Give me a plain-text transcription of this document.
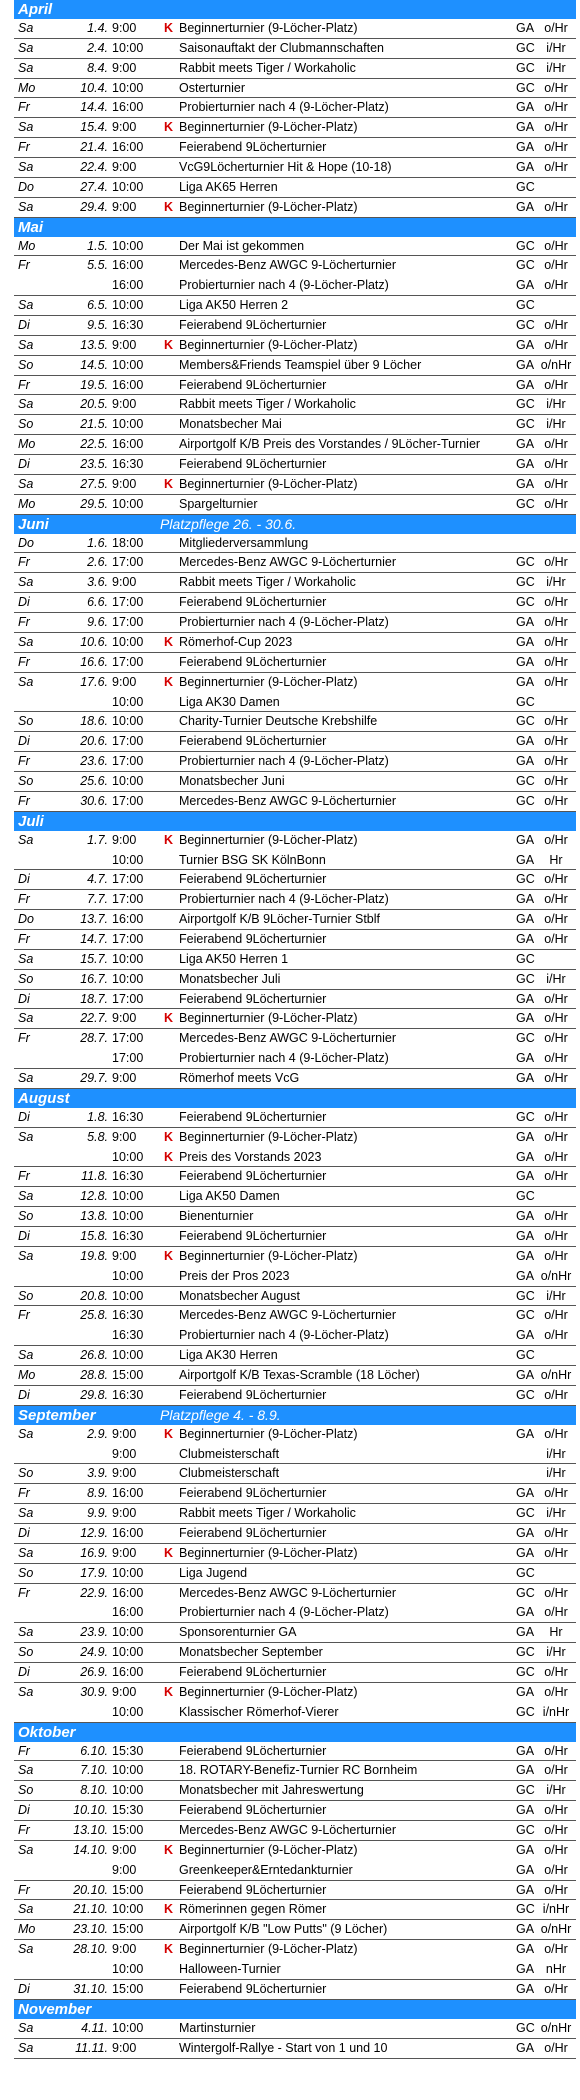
April
Sa	1.4. 9:00 K Beginnerturnier (9-Löcher-Platz)	GA o/Hr
Sa	2.4. 10:00	Saisonauftakt der Clubmannschaften	GC i/Hr
Sa	8.4. 9:00	Rabbit meets Tiger / Workaholic	GC i/Hr
Mo	10.4. 10:00	Osterturnier	GC o/Hr
Fr	14.4. 16:00	Probierturnier nach 4 (9-Löcher-Platz)	GA o/Hr
Sa	15.4. 9:00 K Beginnerturnier (9-Löcher-Platz)	GA o/Hr
Fr	21.4. 16:00	Feierabend 9Löcherturnier	GA o/Hr
Sa	22.4. 9:00	VcG9Löcherturnier Hit & Hope (10-18)	GA o/Hr
Do	27.4. 10:00	Liga AK65 Herren	GC
Sa	29.4. 9:00 K Beginnerturnier (9-Löcher-Platz)	GA o/Hr
Mai
Mo	1.5. 10:00	Der Mai ist gekommen	GC o/Hr
Fr	5.5. 16:00	Mercedes-Benz AWGC 9-Löcherturnier	GC o/Hr
16:00	Probierturnier nach 4 (9-Löcher-Platz)	GA o/Hr
Sa	6.5. 10:00	Liga AK50 Herren 2	GC
Di	9.5. 16:30	Feierabend 9Löcherturnier	GC o/Hr
Sa	13.5. 9:00 K Beginnerturnier (9-Löcher-Platz)	GA o/Hr
So	14.5. 10:00	Members&Friends Teamspiel über 9 Löcher	GA o/nHr
Fr	19.5. 16:00	Feierabend 9Löcherturnier	GA o/Hr
Sa	20.5. 9:00	Rabbit meets Tiger / Workaholic	GC i/Hr
So	21.5. 10:00	Monatsbecher Mai	GC i/Hr
Mo	22.5. 16:00	Airportgolf K/B Preis des Vorstandes / 9Löcher-Turnier	GA o/Hr
Di	23.5. 16:30	Feierabend 9Löcherturnier	GA o/Hr
Sa	27.5. 9:00 K Beginnerturnier (9-Löcher-Platz)	GA o/Hr
Mo	29.5. 10:00	Spargelturnier	GC o/Hr
Juni	Platzpflege 26. - 30.6.
Do	1.6. 18:00	Mitgliederversammlung
Fr	2.6. 17:00	Mercedes-Benz AWGC 9-Löcherturnier	GC o/Hr
Sa	3.6. 9:00	Rabbit meets Tiger / Workaholic	GC i/Hr
Di	6.6. 17:00	Feierabend 9Löcherturnier	GC o/Hr
Fr	9.6. 17:00	Probierturnier nach 4 (9-Löcher-Platz)	GA o/Hr
Sa	10.6. 10:00 K Römerhof-Cup 2023	GA o/Hr
Fr	16.6. 17:00	Feierabend 9Löcherturnier	GA o/Hr
Sa	17.6. 9:00 K Beginnerturnier (9-Löcher-Platz)	GA o/Hr
10:00	Liga AK30 Damen	GC
So	18.6. 10:00	Charity-Turnier Deutsche Krebshilfe	GC o/Hr
Di	20.6. 17:00	Feierabend 9Löcherturnier	GA o/Hr
Fr	23.6. 17:00	Probierturnier nach 4 (9-Löcher-Platz)	GA o/Hr
So	25.6. 10:00	Monatsbecher Juni	GC o/Hr
Fr	30.6. 17:00	Mercedes-Benz AWGC 9-Löcherturnier	GC o/Hr
Juli
Sa	1.7. 9:00 K Beginnerturnier (9-Löcher-Platz)	GA o/Hr
10:00	Turnier BSG SK KölnBonn	GA	Hr
Di	4.7. 17:00	Feierabend 9Löcherturnier	GC o/Hr
Fr	7.7. 17:00	Probierturnier nach 4 (9-Löcher-Platz)	GA o/Hr
Do	13.7. 16:00	Airportgolf K/B 9Löcher-Turnier Stblf	GA o/Hr
Fr	14.7. 17:00	Feierabend 9Löcherturnier	GA o/Hr
Sa	15.7. 10:00	Liga AK50 Herren 1	GC
So	16.7. 10:00	Monatsbecher Juli	GC i/Hr
Di	18.7. 17:00	Feierabend 9Löcherturnier	GA o/Hr
Sa	22.7. 9:00 K Beginnerturnier (9-Löcher-Platz)	GA o/Hr
Fr	28.7. 17:00	Mercedes-Benz AWGC 9-Löcherturnier	GC o/Hr
17:00	Probierturnier nach 4 (9-Löcher-Platz)	GA o/Hr
Sa	29.7. 9:00	Römerhof meets VcG	GA o/Hr
August
Di	1.8. 16:30	Feierabend 9Löcherturnier	GC o/Hr
Sa	5.8. 9:00 K Beginnerturnier (9-Löcher-Platz)	GA o/Hr
10:00 K Preis des Vorstands 2023	GA o/Hr
Fr	11.8. 16:30	Feierabend 9Löcherturnier	GA o/Hr
Sa	12.8. 10:00	Liga AK50 Damen	GC
So	13.8. 10:00	Bienenturnier	GA o/Hr
Di	15.8. 16:30	Feierabend 9Löcherturnier	GA o/Hr
Sa	19.8. 9:00 K Beginnerturnier (9-Löcher-Platz)	GA o/Hr
10:00	Preis der Pros 2023	GA o/nHr
So	20.8. 10:00	Monatsbecher August	GC i/Hr
Fr	25.8. 16:30	Mercedes-Benz AWGC 9-Löcherturnier	GC o/Hr
16:30	Probierturnier nach 4 (9-Löcher-Platz)	GA o/Hr
Sa	26.8. 10:00	Liga AK30 Herren	GC
Mo	28.8. 15:00	Airportgolf K/B Texas-Scramble (18 Löcher)	GA o/nHr
Di	29.8. 16:30	Feierabend 9Löcherturnier	GC o/Hr
September	Platzpflege 4. - 8.9.
Sa	2.9. 9:00 K Beginnerturnier (9-Löcher-Platz)	GA o/Hr
9:00	Clubmeisterschaft	i/Hr
So	3.9. 9:00	Clubmeisterschaft	i/Hr
Fr	8.9. 16:00	Feierabend 9Löcherturnier	GA o/Hr
Sa	9.9. 9:00	Rabbit meets Tiger / Workaholic	GC i/Hr
Di	12.9. 16:00	Feierabend 9Löcherturnier	GA o/Hr
Sa	16.9. 9:00 K Beginnerturnier (9-Löcher-Platz)	GA o/Hr
So	17.9. 10:00	Liga Jugend	GC
Fr	22.9. 16:00	Mercedes-Benz AWGC 9-Löcherturnier	GC o/Hr
16:00	Probierturnier nach 4 (9-Löcher-Platz)	GA o/Hr
Sa	23.9. 10:00	Sponsorenturnier GA	GA	Hr
So	24.9. 10:00	Monatsbecher September	GC i/Hr
Di	26.9. 16:00	Feierabend 9Löcherturnier	GC o/Hr
Sa	30.9. 9:00 K Beginnerturnier (9-Löcher-Platz)	GA o/Hr
10:00	Klassischer Römerhof-Vierer	GC i/nHr
Oktober
Fr	6.10. 15:30	Feierabend 9Löcherturnier	GA o/Hr
Sa	7.10. 10:00	18. ROTARY-Benefiz-Turnier RC Bornheim	GA o/Hr
So	8.10. 10:00	Monatsbecher mit Jahreswertung	GC i/Hr
Di	10.10. 15:30	Feierabend 9Löcherturnier	GA o/Hr
Fr	13.10. 15:00	Mercedes-Benz AWGC 9-Löcherturnier	GC o/Hr
Sa	14.10. 9:00 K Beginnerturnier (9-Löcher-Platz)	GA o/Hr
9:00	Greenkeeper&Erntedankturnier	GA o/Hr
Fr	20.10. 15:00	Feierabend 9Löcherturnier	GA o/Hr
Sa	21.10. 10:00 K Römerinnen gegen Römer	GC i/nHr
Mo	23.10. 15:00	Airportgolf K/B "Low Putts" (9 Löcher)	GA o/nHr
Sa	28.10. 9:00 K Beginnerturnier (9-Löcher-Platz)	GA o/Hr
10:00	Halloween-Turnier	GA nHr
Di	31.10. 15:00	Feierabend 9Löcherturnier	GA o/Hr
November
Sa	4.11. 10:00	Martinsturnier	GC o/nHr
Sa	11.11. 9:00	Wintergolf-Rallye - Start von 1 und 10	GA o/Hr
